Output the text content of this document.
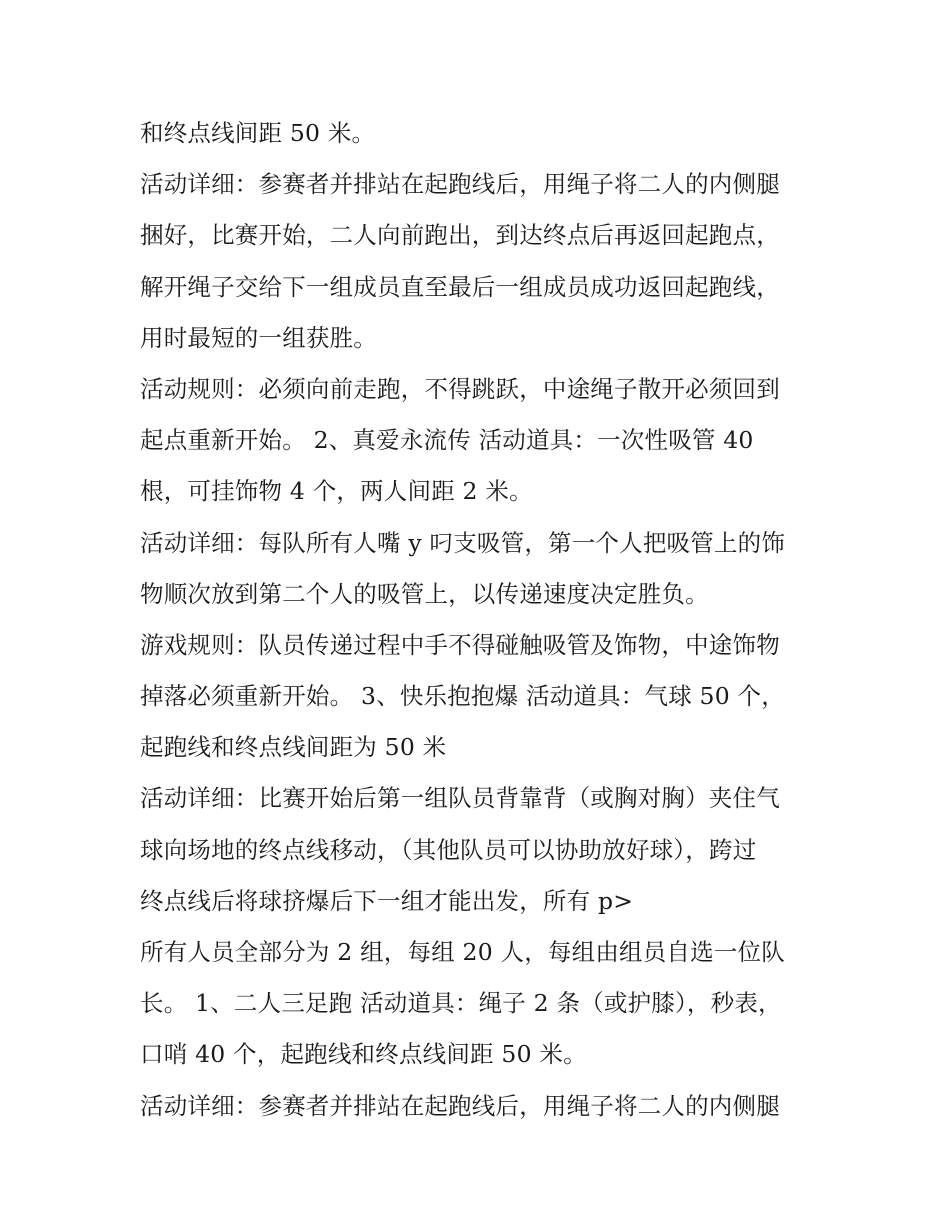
和终点线间距 50 米。
活动详细：参赛者并排站在起跑线后，用绳子将二人的内侧腿
捆好，比赛开始，二人向前跑出，到达终点后再返回起跑点，
解开绳子交给下一组成员直至最后一组成员成功返回起跑线，
用时最短的一组获胜。
活动规则：必须向前走跑，不得跳跃，中途绳子散开必须回到
起点重新开始。 2、真爱永流传 活动道具：一次性吸管 40
根，可挂饰物 4 个，两人间距 2 米。
活动详细：每队所有人嘴 y 叼支吸管，第一个人把吸管上的饰
物顺次放到第二个人的吸管上，以传递速度决定胜负。
游戏规则：队员传递过程中手不得碰触吸管及饰物，中途饰物
掉落必须重新开始。 3、快乐抱抱爆 活动道具：气球 50 个，
起跑线和终点线间距为 50 米
活动详细：比赛开始后第一组队员背靠背（或胸对胸）夹住气
球向场地的终点线移动，（其他队员可以协助放好球），跨过
终点线后将球挤爆后下一组才能出发，所有 p>
所有人员全部分为 2 组，每组 20 人，每组由组员自选一位队
长。 1、二人三足跑 活动道具：绳子 2 条（或护膝），秒表，
口哨 40 个，起跑线和终点线间距 50 米。
活动详细：参赛者并排站在起跑线后，用绳子将二人的内侧腿
